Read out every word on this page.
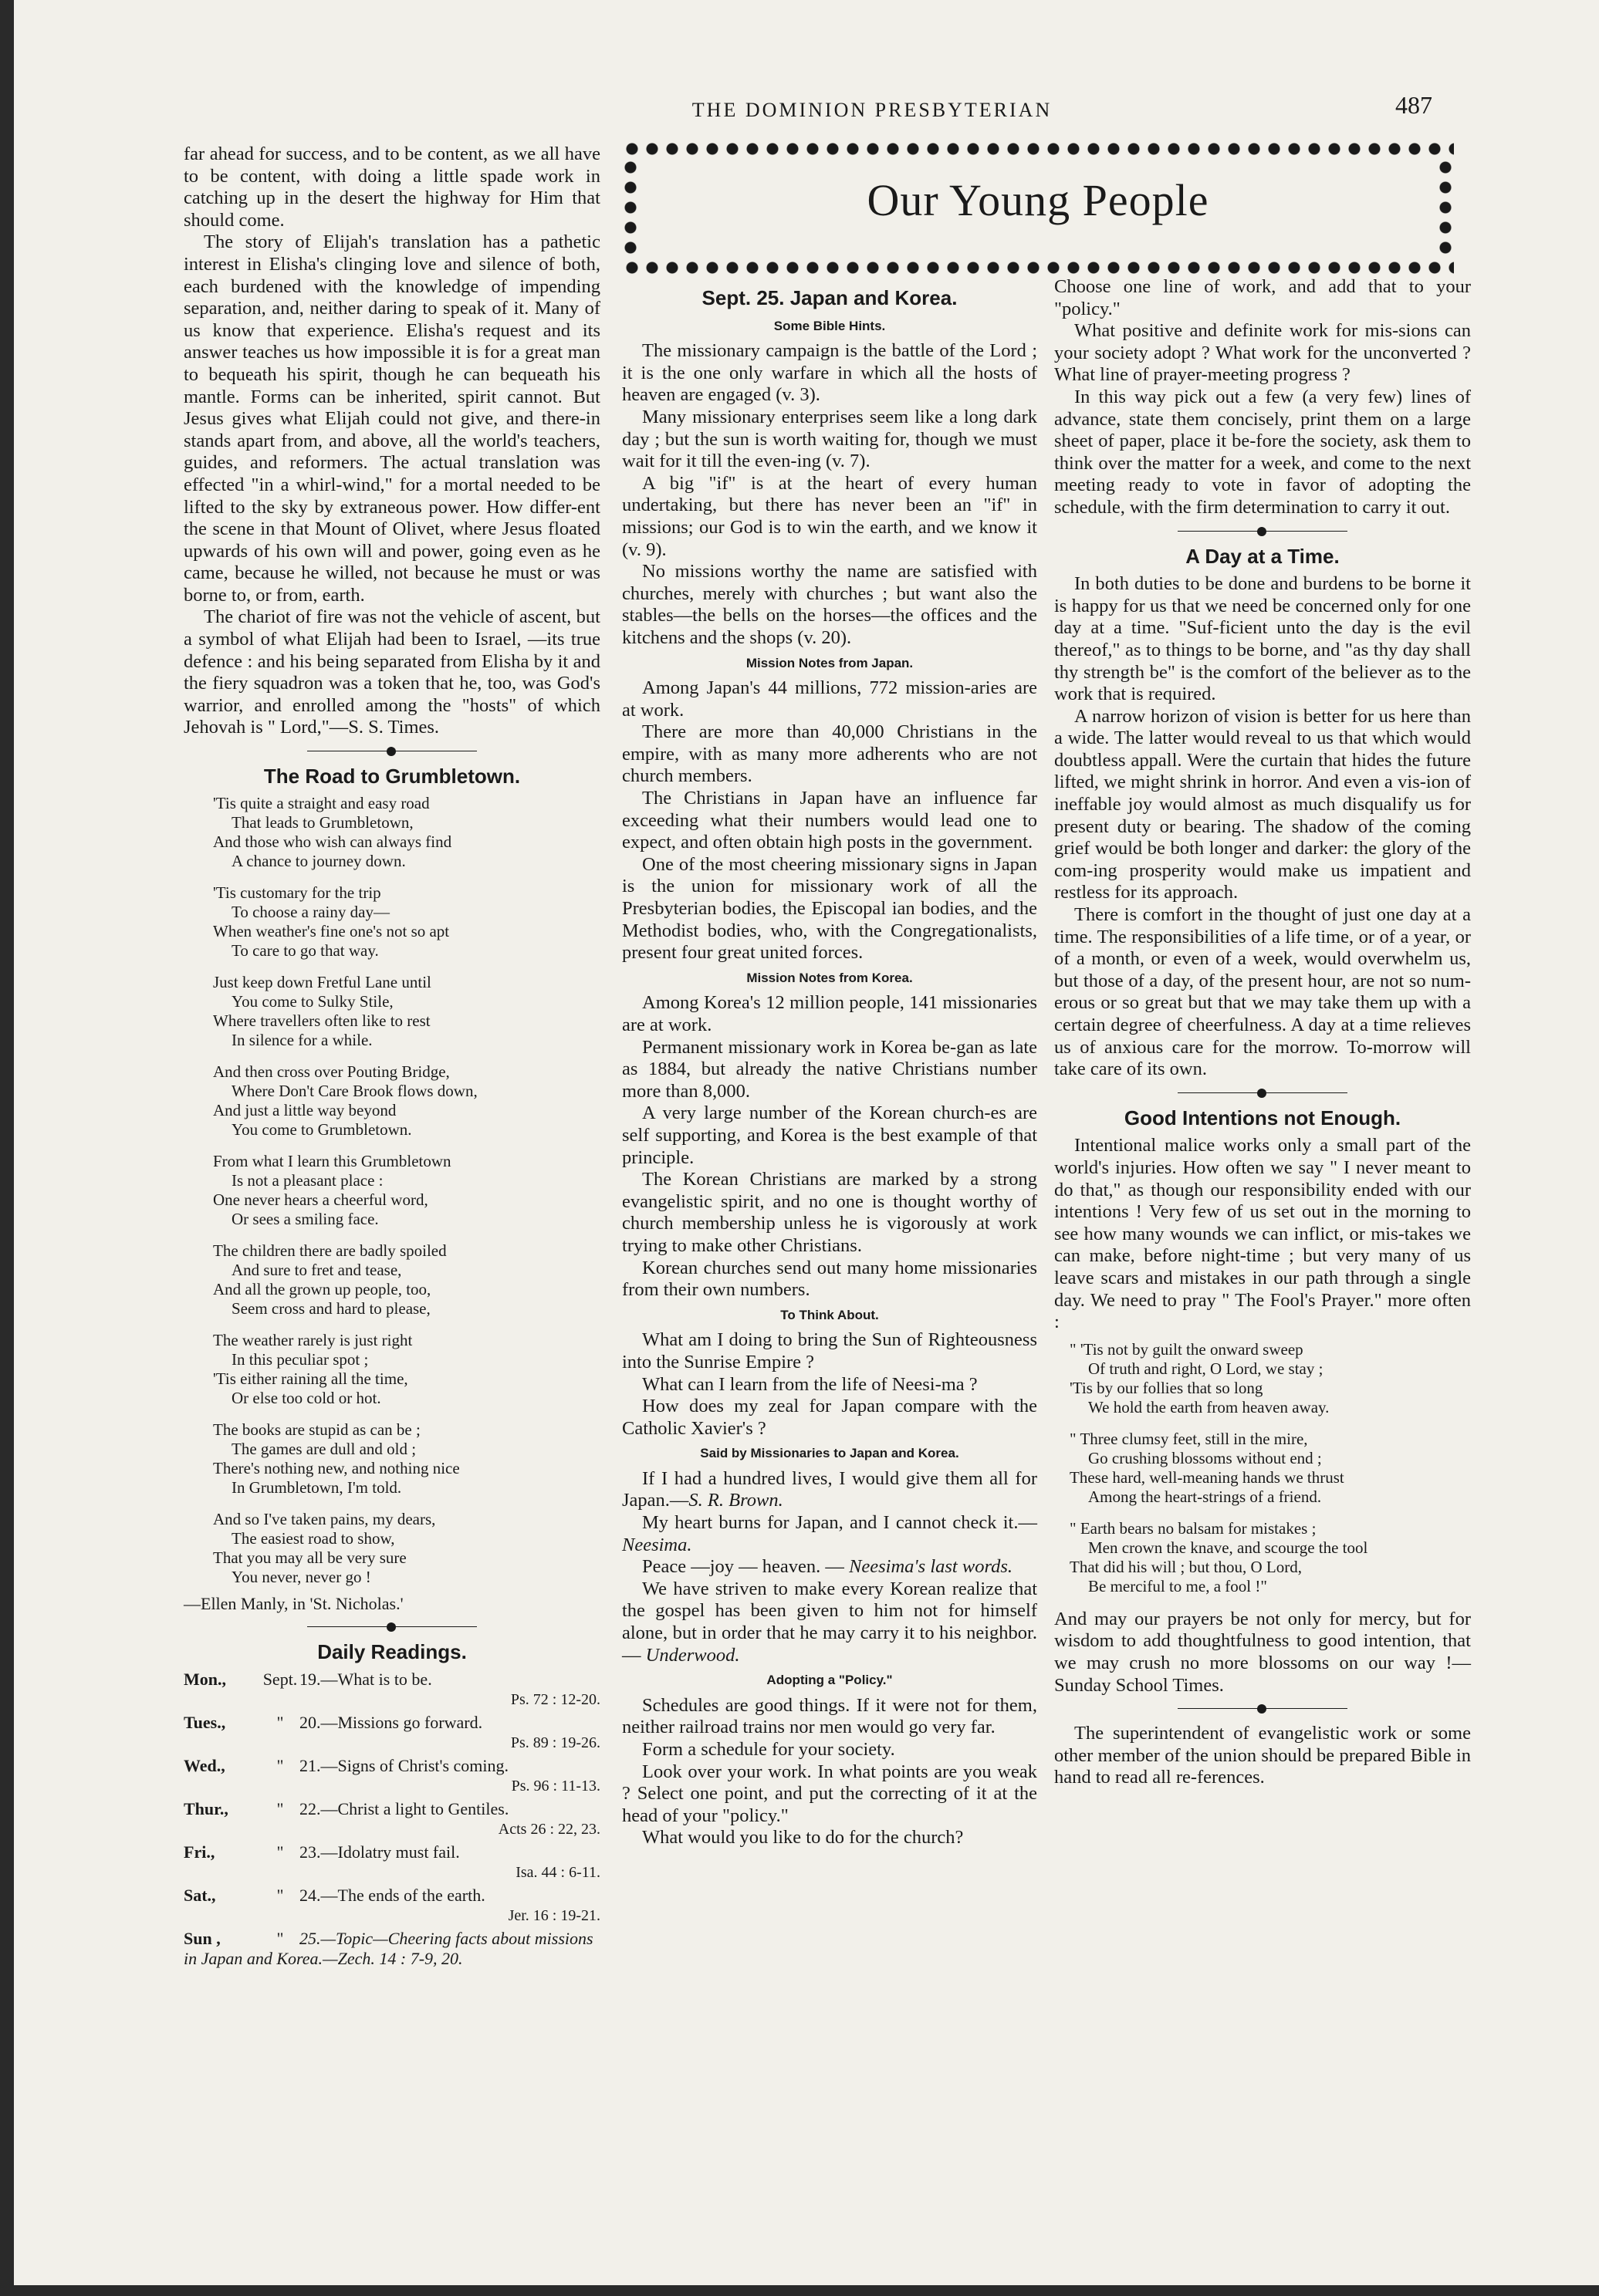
THE DOMINION PRESBYTERIAN	487

far ahead for success, and to be content, as we all have to be content, with doing a little spade work in catching up in the desert the highway for Him that should come.

The story of Elijah's translation has a pathetic interest in Elisha's clinging love and silence of both, each burdened with the knowledge of impending separation, and, neither daring to speak of it. Many of us know that experience. Elisha's request and its answer teaches us how impossible it is for a great man to bequeath his spirit, though he can bequeath his mantle. Forms can be inherited, spirit cannot. But Jesus gives what Elijah could not give, and there-in stands apart from, and above, all the world's teachers, guides, and reformers. The actual translation was effected "in a whirl-wind," for a mortal needed to be lifted to the sky by extraneous power. How differ-ent the scene in that Mount of Olivet, where Jesus floated upwards of his own will and power, going even as he came, because he willed, not because he must or was borne to, or from, earth.

The chariot of fire was not the vehicle of ascent, but a symbol of what Elijah had been to Israel, —its true defence : and his being separated from Elisha by it and the fiery squadron was a token that he, too, was God's warrior, and enrolled among the "hosts" of which Jehovah is " Lord,"—S. S. Times.

The Road to Grumbletown.
'Tis quite a straight and easy road
That leads to Grumbletown,
And those who wish can always find
A chance to journey down.
'Tis customary for the trip
To choose a rainy day—
When weather's fine one's not so apt
To care to go that way.
Just keep down Fretful Lane until
You come to Sulky Stile,
Where travellers often like to rest
In silence for a while.
And then cross over Pouting Bridge,
Where Don't Care Brook flows down,
And just a little way beyond
You come to Grumbletown.
From what I learn this Grumbletown
Is not a pleasant place :
One never hears a cheerful word,
Or sees a smiling face.
The children there are badly spoiled
And sure to fret and tease,
And all the grown up people, too,
Seem cross and hard to please,
The weather rarely is just right
In this peculiar spot ;
'Tis either raining all the time,
Or else too cold or hot.
The books are stupid as can be ;
The games are dull and old ;
There's nothing new, and nothing nice
In Grumbletown, I'm told.
And so I've taken pains, my dears,
The easiest road to show,
That you may all be very sure
You never, never go !
—Ellen Manly, in 'St. Nicholas.'
Daily Readings.
Mon., Sept. 19.—What is to be.
Ps. 72 : 12-20.
Tues.,	" 20.—Missions go forward.
Ps. 89 : 19-26.
Wed.,	" 21.—Signs of Christ's coming.
Ps. 96 : 11-13.
Thur.,	" 22.—Christ a light to Gentiles.
Acts 26 : 22, 23.
Fri.,	" 23.—Idolatry must fail.
Isa. 44 : 6-11.
Sat.,	" 24.—The ends of the earth.
Jer. 16 : 19-21.
Sun ,	" 25.—Topic—Cheering facts about missions in Japan and Korea.—Zech. 14 : 7-9, 20.
Our Young People
Sept. 25. Japan and Korea.
Some Bible Hints.

The missionary campaign is the battle of the Lord ; it is the one only warfare in which all the hosts of heaven are engaged (v. 3).

Many missionary enterprises seem like a long dark day ; but the sun is worth waiting for, though we must wait for it till the even-ing (v. 7).

A big "if" is at the heart of every human undertaking, but there has never been an "if" in missions; our God is to win the earth, and we know it (v. 9).

No missions worthy the name are satisfied with churches, merely with churches ; but want also the stables—the bells on the horses—the offices and the kitchens and the shops (v. 20).

Mission Notes from Japan.

Among Japan's 44 millions, 772 mission-aries are at work.

There are more than 40,000 Christians in the empire, with as many more adherents who are not church members.

The Christians in Japan have an influence far exceeding what their numbers would lead one to expect, and often obtain high posts in the government.

One of the most cheering missionary signs in Japan is the union for missionary work of all the Presbyterian bodies, the Episcopal ian bodies, and the Methodist bodies, who, with the Congregationalists, present four great united forces.

Mission Notes from Korea.

Among Korea's 12 million people, 141 missionaries are at work.

Permanent missionary work in Korea be-gan as late as 1884, but already the native Christians number more than 8,000.

A very large number of the Korean church-es are self supporting, and Korea is the best example of that principle.

The Korean Christians are marked by a strong evangelistic spirit, and no one is thought worthy of church membership unless he is vigorously at work trying to make other Christians.

Korean churches send out many home missionaries from their own numbers.

To Think About.

What am I doing to bring the Sun of Righteousness into the Sunrise Empire ?

What can I learn from the life of Neesi-ma ?

How does my zeal for Japan compare with the Catholic Xavier's ?

Said by Missionaries to Japan and Korea.

If I had a hundred lives, I would give them all for Japan.—S. R. Brown.

My heart burns for Japan, and I cannot check it.—Neesima.

Peace —joy — heaven. — Neesima's last words.

We have striven to make every Korean realize that the gospel has been given to him not for himself alone, but in order that he may carry it to his neighbor.— Underwood.

Adopting a "Policy."

Schedules are good things. If it were not for them, neither railroad trains nor men would go very far.

Form a schedule for your society.

Look over your work. In what points are you weak ? Select one point, and put the correcting of it at the head of your "policy."

What would you like to do for the church?

Choose one line of work, and add that to your "policy."

What positive and definite work for mis-sions can your society adopt ? What work for the unconverted ? What line of prayer-meeting progress ?

In this way pick out a few (a very few) lines of advance, state them concisely, print them on a large sheet of paper, place it be-fore the society, ask them to think over the matter for a week, and come to the next meeting ready to vote in favor of adopting the schedule, with the firm determination to carry it out.

A Day at a Time.

In both duties to be done and burdens to be borne it is happy for us that we need be concerned only for one day at a time. "Suf-ficient unto the day is the evil thereof," as to things to be borne, and "as thy day shall thy strength be" is the comfort of the believer as to the work that is required.

A narrow horizon of vision is better for us here than a wide. The latter would reveal to us that which would doubtless appall. Were the curtain that hides the future lifted, we might shrink in horror. And even a vis-ion of ineffable joy would almost as much disqualify us for present duty or bearing. The shadow of the coming grief would be both longer and darker: the glory of the com-ing prosperity would make us impatient and restless for its approach.

There is comfort in the thought of just one day at a time. The responsibilities of a life time, or of a year, or of a month, or even of a week, would overwhelm us, but those of a day, of the present hour, are not so num-erous or so great but that we may take them up with a certain degree of cheerfulness. A day at a time relieves us of anxious care for the morrow. To-morrow will take care of its own.

Good Intentions not Enough.

Intentional malice works only a small part of the world's injuries. How often we say " I never meant to do that," as though our responsibility ended with our intentions ! Very few of us set out in the morning to see how many wounds we can inflict, or mis-takes we can make, before night-time ; but very many of us leave scars and mistakes in our path through a single day. We need to pray " The Fool's Prayer." more often :

" 'Tis not by guilt the onward sweep
Of truth and right, O Lord, we stay ;
'Tis by our follies that so long
We hold the earth from heaven away.
" Three clumsy feet, still in the mire,
Go crushing blossoms without end ;
These hard, well-meaning hands we thrust
Among the heart-strings of a friend.
" Earth bears no balsam for mistakes ;
Men crown the knave, and scourge the tool
That did his will ; but thou, O Lord,
Be merciful to me, a fool !"

And may our prayers be not only for mercy, but for wisdom to add thoughtfulness to good intention, that we may crush no more blossoms on our way !—Sunday School Times.

The superintendent of evangelistic work or some other member of the union should be prepared Bible in hand to read all re-ferences.
